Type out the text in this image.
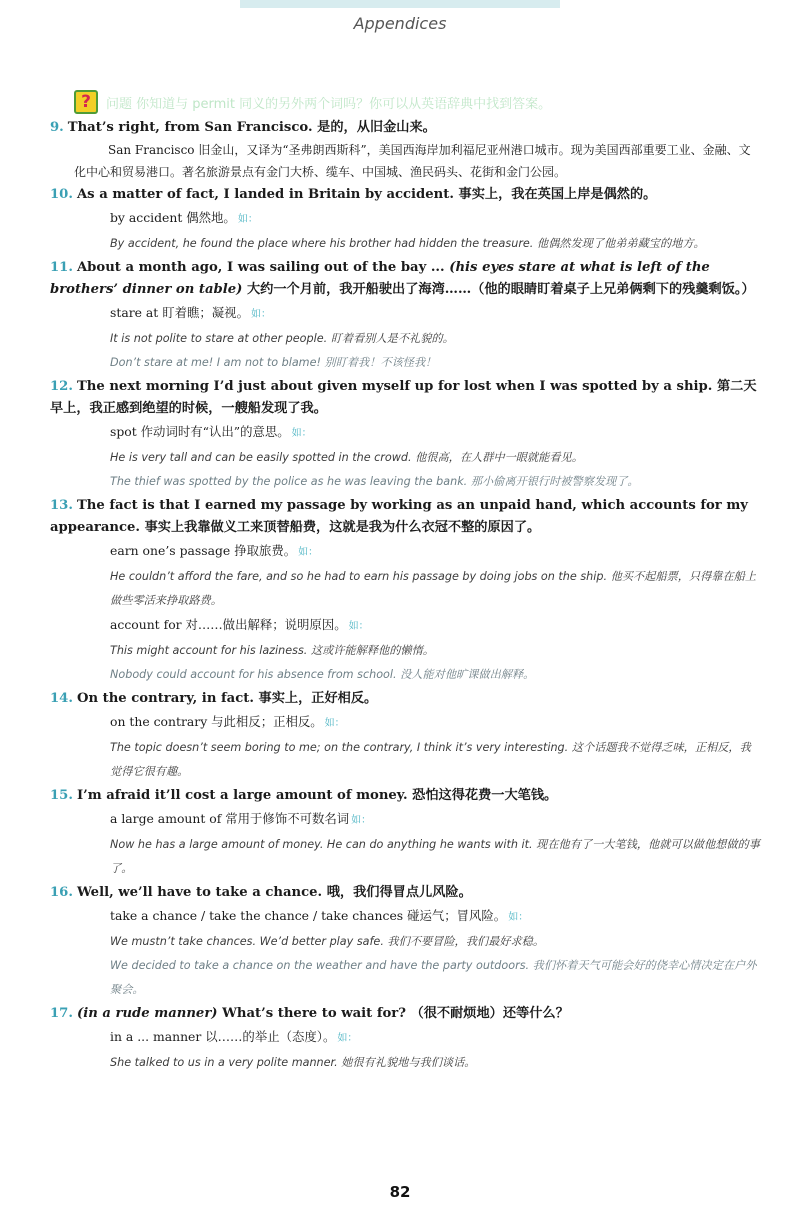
Appendices
?	问题 你知道与 permit 同义的另外两个词吗？你可以从英语辞典中找到答案。

9. That’s right, from San Francisco. 是的，从旧金山来。

San Francisco 旧金山，又译为“圣弗朗西斯科”，美国西海岸加利福尼亚州港口城市。现为美国西部重要工业、金融、文化中心和贸易港口。著名旅游景点有金门大桥、缆车、中国城、渔民码头、花街和金门公园。

10. As a matter of fact, I landed in Britain by accident. 事实上，我在英国上岸是偶然的。

by accident 偶然地。 如：

By accident, he found the place where his brother had hidden the treasure. 他偶然发现了他弟弟藏宝的地方。

11. About a month ago, I was sailing out of the bay ... (his eyes stare at what is left of the brothers’ dinner on table) 大约一个月前，我开船驶出了海湾……（他的眼睛盯着桌子上兄弟俩剩下的残羹剩饭。）

stare at 盯着瞧；凝视。 如：

It is not polite to stare at other people. 盯着看别人是不礼貌的。

Don’t stare at me! I am not to blame! 别盯着我！不该怪我！

12. The next morning I’d just about given myself up for lost when I was spotted by a ship. 第二天早上，我正感到绝望的时候，一艘船发现了我。

spot 作动词时有“认出”的意思。 如：

He is very tall and can be easily spotted in the crowd. 他很高，在人群中一眼就能看见。

The thief was spotted by the police as he was leaving the bank. 那小偷离开银行时被警察发现了。

13. The fact is that I earned my passage by working as an unpaid hand, which accounts for my appearance. 事实上我靠做义工来顶替船费，这就是我为什么衣冠不整的原因了。

earn one’s passage 挣取旅费。 如：

He couldn’t afford the fare, and so he had to earn his passage by doing jobs on the ship. 他买不起船票，只得靠在船上做些零活来挣取路费。

account for 对……做出解释；说明原因。 如：

This might account for his laziness. 这或许能解释他的懒惰。

Nobody could account for his absence from school. 没人能对他旷课做出解释。

14. On the contrary, in fact. 事实上，正好相反。

on the contrary 与此相反；正相反。 如：

The topic doesn’t seem boring to me; on the contrary, I think it’s very interesting. 这个话题我不觉得乏味，正相反，我觉得它很有趣。

15. I’m afraid it’ll cost a large amount of money. 恐怕这得花费一大笔钱。

a large amount of 常用于修饰不可数名词 如：

Now he has a large amount of money. He can do anything he wants with it. 现在他有了一大笔钱，他就可以做他想做的事了。

16. Well, we’ll have to take a chance. 哦，我们得冒点儿风险。

take a chance / take the chance / take chances 碰运气；冒风险。 如：

We mustn’t take chances. We’d better play safe. 我们不要冒险，我们最好求稳。

We decided to take a chance on the weather and have the party outdoors. 我们怀着天气可能会好的侥幸心情决定在户外聚会。

17. (in a rude manner) What’s there to wait for? （很不耐烦地）还等什么？

in a ... manner 以……的举止（态度）。 如：

She talked to us in a very polite manner. 她很有礼貌地与我们谈话。

82
